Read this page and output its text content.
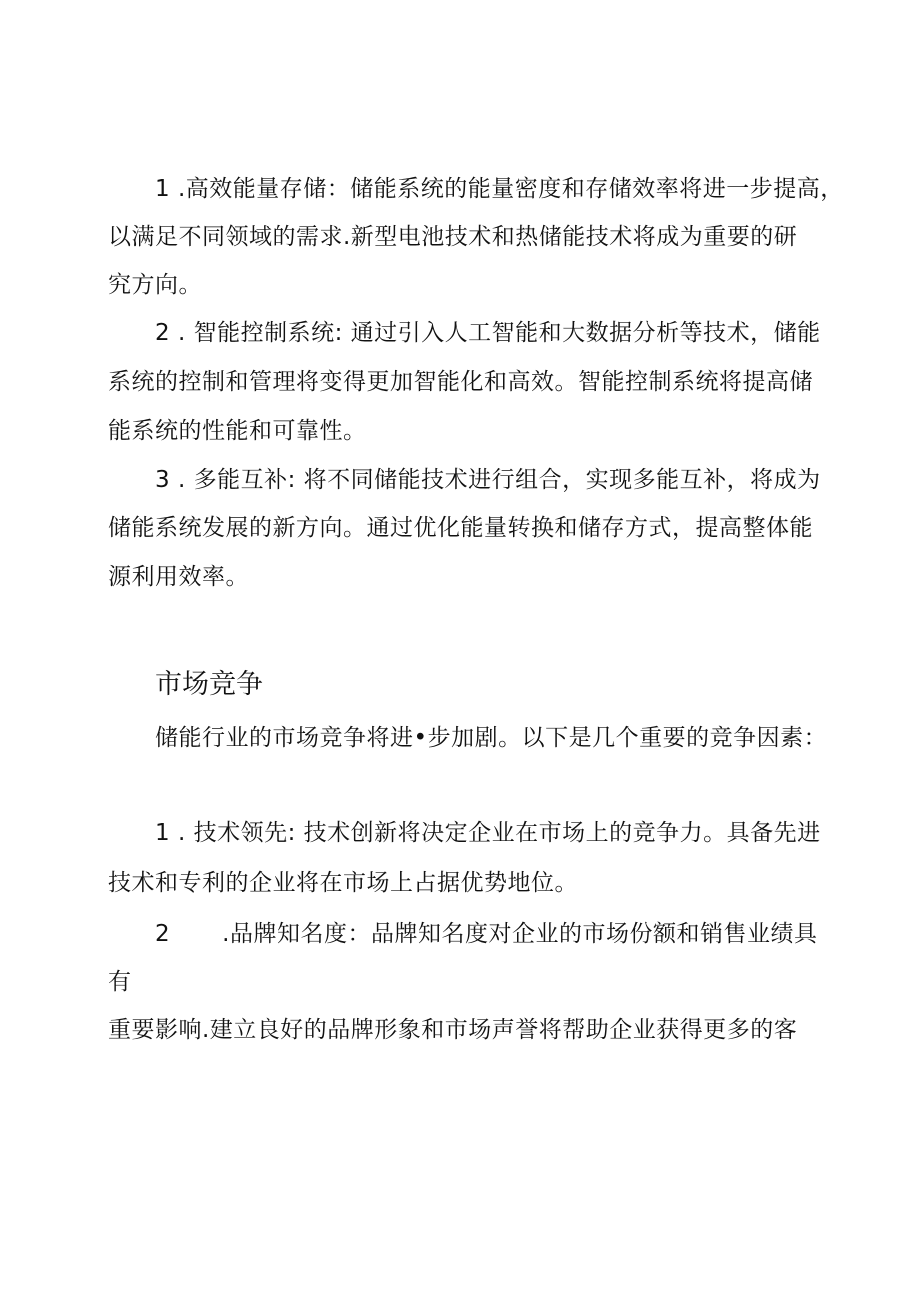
1 .高效能量存储：储能系统的能量密度和存储效率将进一步提高，
以满足不同领域的需求.新型电池技术和热储能技术将成为重要的研
究方向。
2 . 智能控制系统: 通过引入人工智能和大数据分析等技术，储能
系统的控制和管理将变得更加智能化和高效。智能控制系统将提高储
能系统的性能和可靠性。
3 . 多能互补: 将不同储能技术进行组合，实现多能互补，将成为
储能系统发展的新方向。通过优化能量转换和储存方式，提高整体能
源利用效率。
市场竞争
储能行业的市场竞争将进•步加剧。以下是几个重要的竞争因素：
1 . 技术领先: 技术创新将决定企业在市场上的竞争力。具备先进
技术和专利的企业将在市场上占据优势地位。
2 .品牌知名度：品牌知名度对企业的市场份额和销售业绩具
有
重要影响.建立良好的品牌形象和市场声誉将帮助企业获得更多的客
